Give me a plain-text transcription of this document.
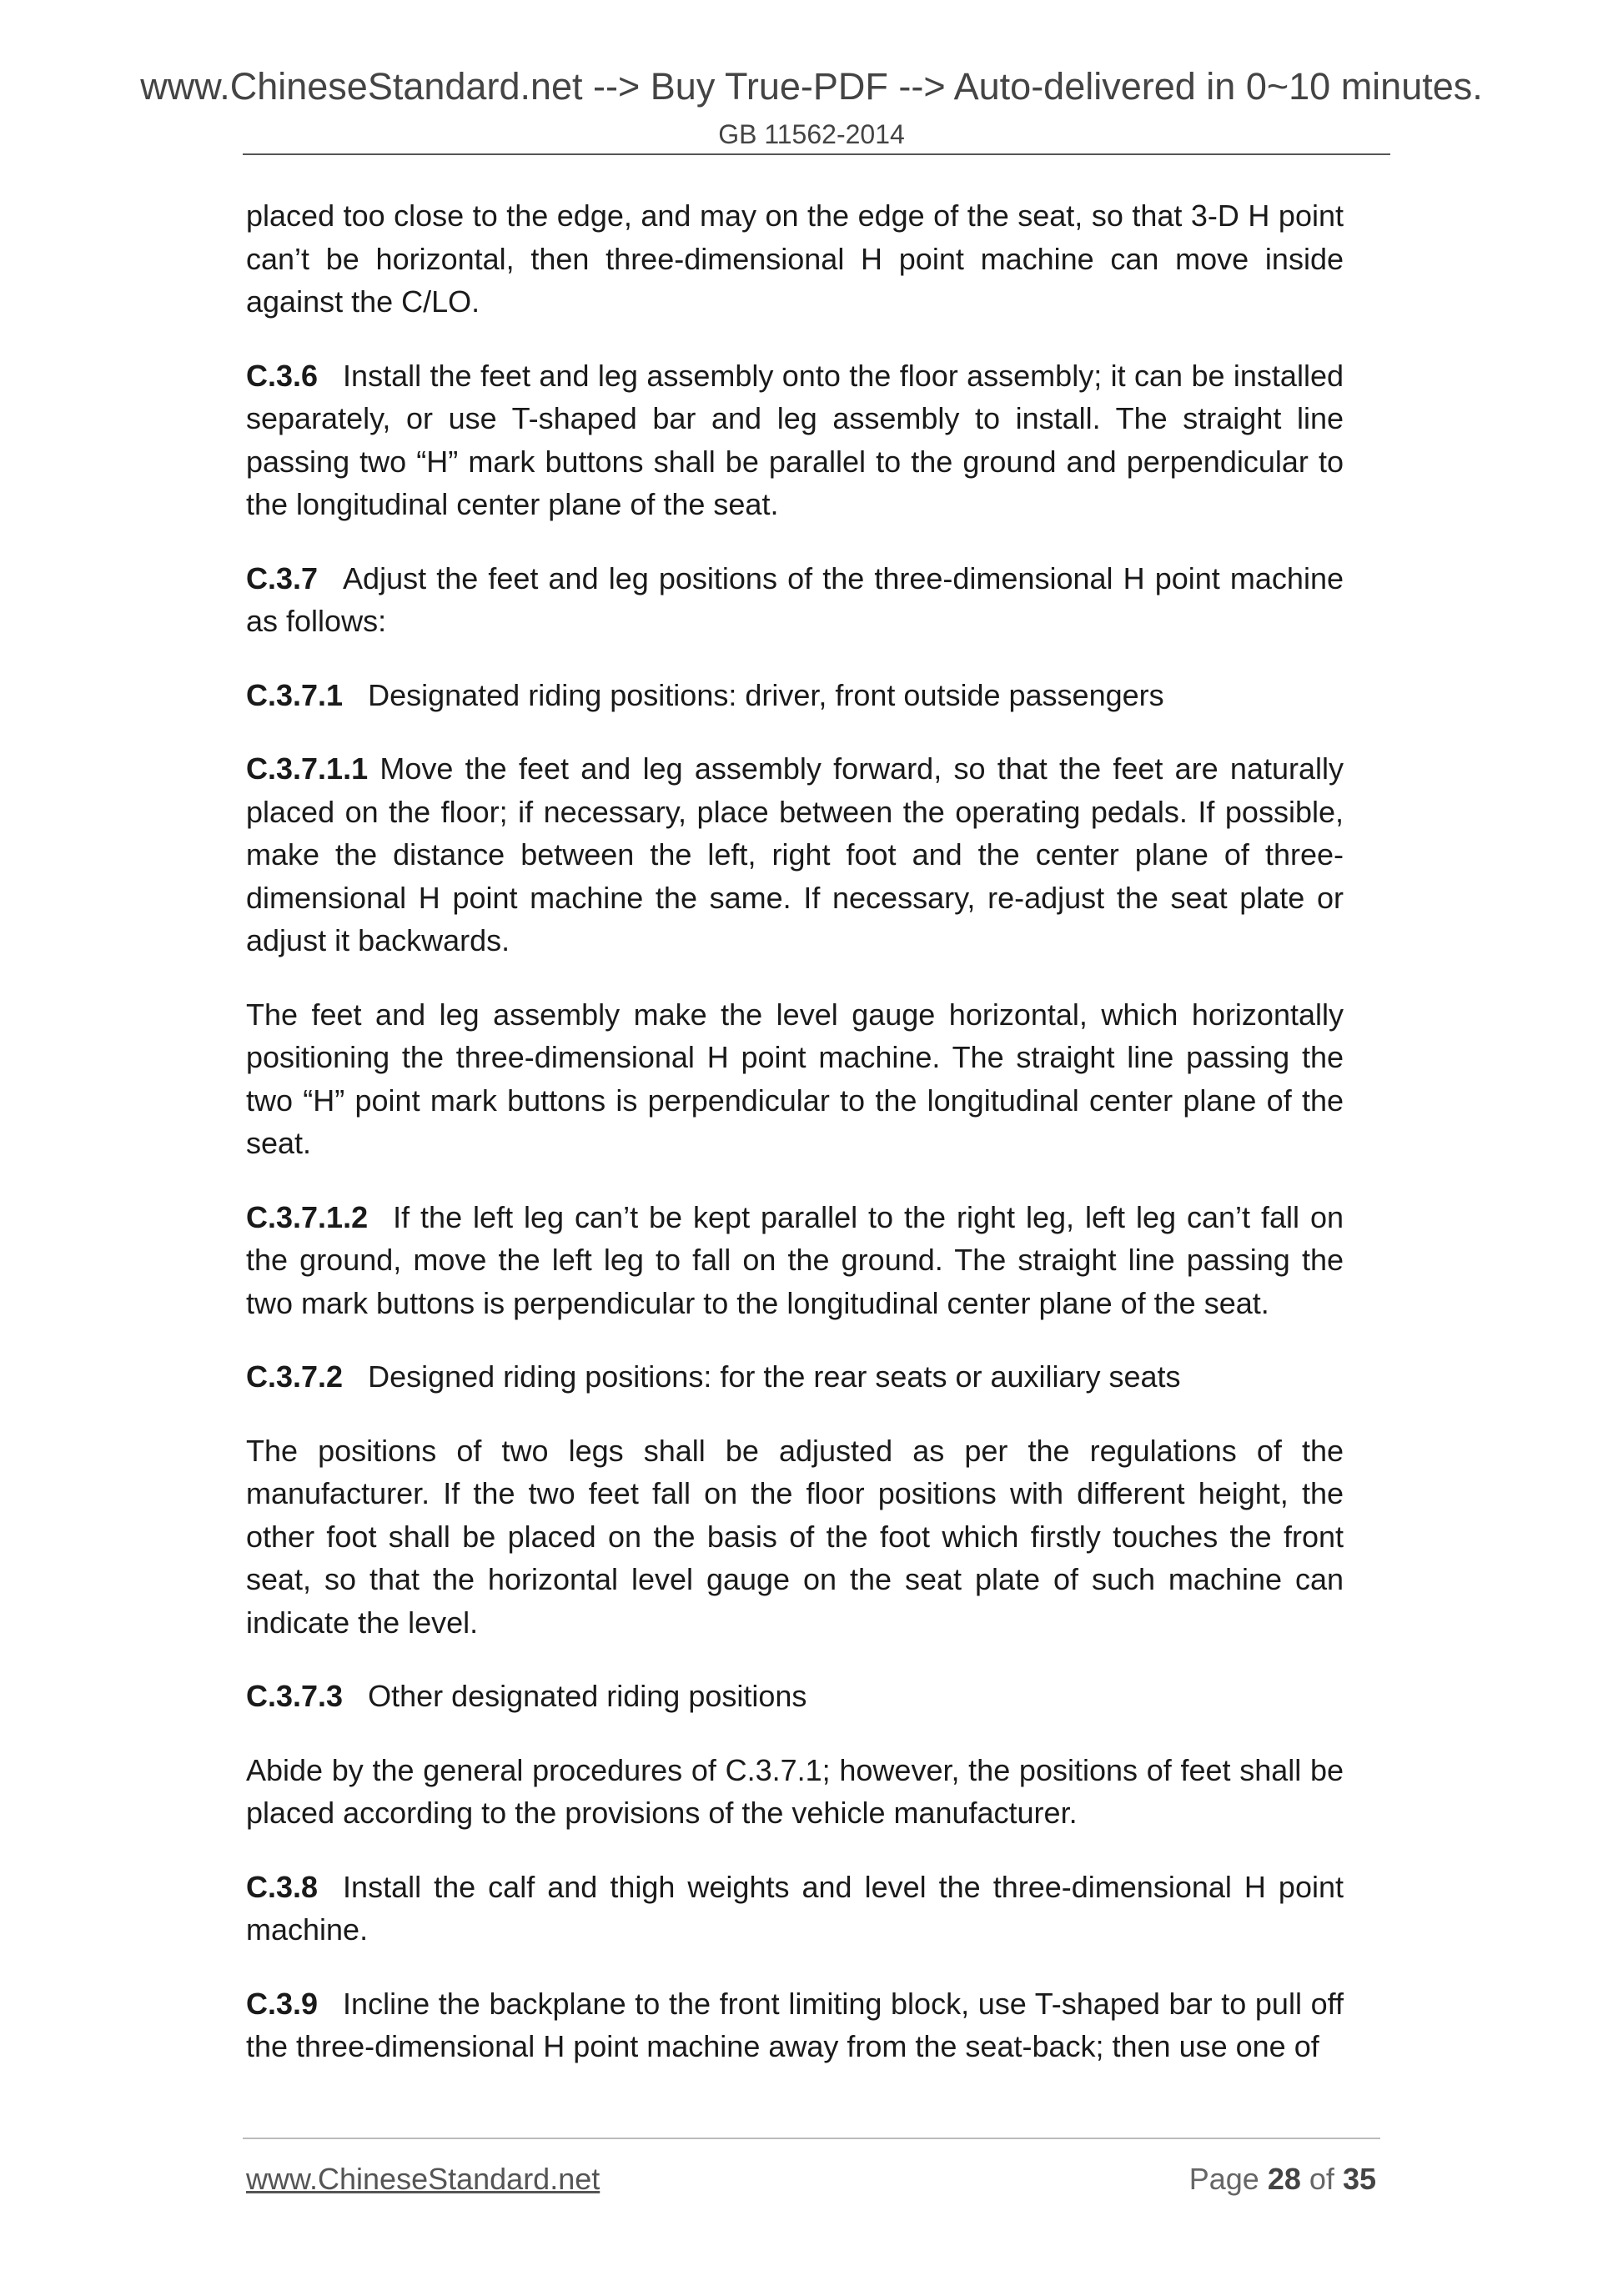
www.ChineseStandard.net --> Buy True-PDF --> Auto-delivered in 0~10 minutes.
GB 11562-2014

placed too close to the edge, and may on the edge of the seat, so that 3-D H point can’t be horizontal, then three-dimensional H point machine can move inside against the C/LO.

C.3.6 Install the feet and leg assembly onto the floor assembly; it can be installed separately, or use T-shaped bar and leg assembly to install. The straight line passing two “H” mark buttons shall be parallel to the ground and perpendicular to the longitudinal center plane of the seat.

C.3.7 Adjust the feet and leg positions of the three-dimensional H point machine as follows:

C.3.7.1 Designated riding positions: driver, front outside passengers

C.3.7.1.1 Move the feet and leg assembly forward, so that the feet are naturally placed on the floor; if necessary, place between the operating pedals. If possible, make the distance between the left, right foot and the center plane of three-dimensional H point machine the same. If necessary, re-adjust the seat plate or adjust it backwards.

The feet and leg assembly make the level gauge horizontal, which horizontally positioning the three-dimensional H point machine. The straight line passing the two “H” point mark buttons is perpendicular to the longitudinal center plane of the seat.

C.3.7.1.2 If the left leg can’t be kept parallel to the right leg, left leg can’t fall on the ground, move the left leg to fall on the ground. The straight line passing the two mark buttons is perpendicular to the longitudinal center plane of the seat.

C.3.7.2 Designed riding positions: for the rear seats or auxiliary seats

The positions of two legs shall be adjusted as per the regulations of the manufacturer. If the two feet fall on the floor positions with different height, the other foot shall be placed on the basis of the foot which firstly touches the front seat, so that the horizontal level gauge on the seat plate of such machine can indicate the level.

C.3.7.3 Other designated riding positions

Abide by the general procedures of C.3.7.1; however, the positions of feet shall be placed according to the provisions of the vehicle manufacturer.

C.3.8 Install the calf and thigh weights and level the three-dimensional H point machine.

C.3.9 Incline the backplane to the front limiting block, use T-shaped bar to pull off the three-dimensional H point machine away from the seat-back; then use one of

www.ChineseStandard.net	Page 28 of 35
